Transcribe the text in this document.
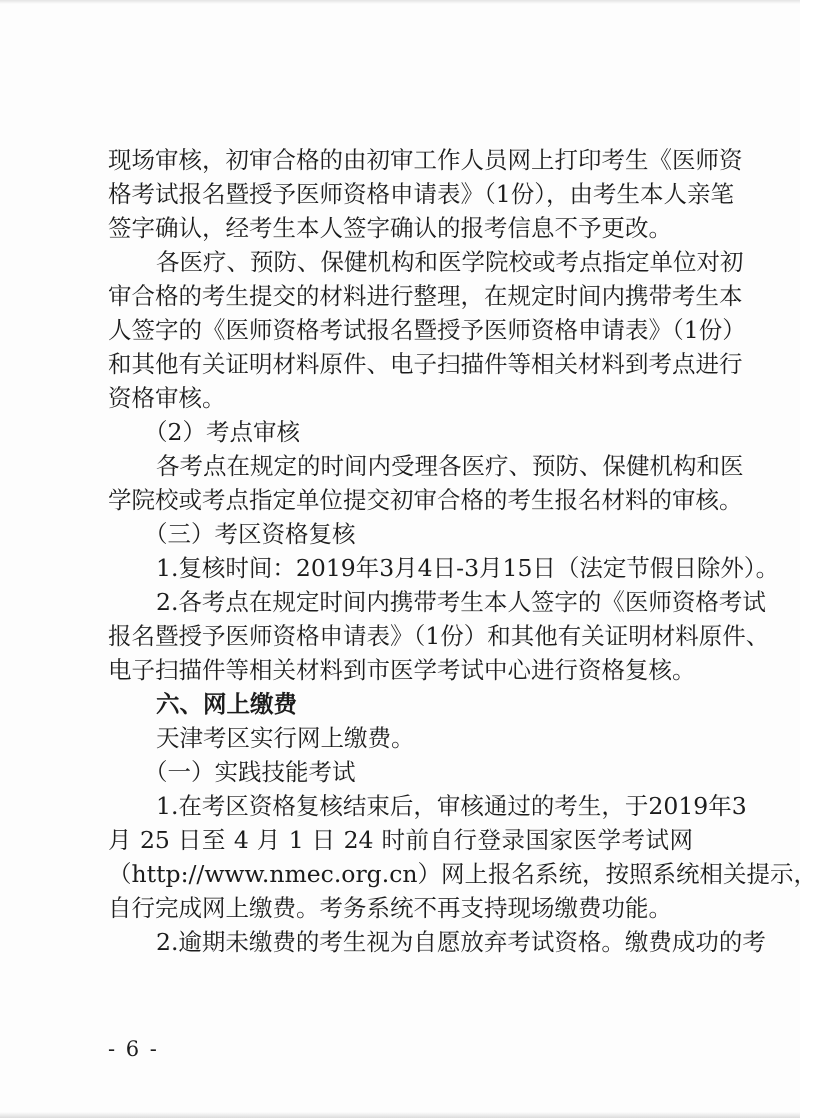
现场审核，初审合格的由初审工作人员网上打印考生《医师资
格考试报名暨授予医师资格申请表》（1份），由考生本人亲笔
签字确认，经考生本人签字确认的报考信息不予更改。
各医疗、预防、保健机构和医学院校或考点指定单位对初
审合格的考生提交的材料进行整理，在规定时间内携带考生本
人签字的《医师资格考试报名暨授予医师资格申请表》（1份）
和其他有关证明材料原件、电子扫描件等相关材料到考点进行
资格审核。
（2）考点审核
各考点在规定的时间内受理各医疗、预防、保健机构和医
学院校或考点指定单位提交初审合格的考生报名材料的审核。
（三）考区资格复核
1.复核时间：2019年3月4日-3月15日（法定节假日除外）。
2.各考点在规定时间内携带考生本人签字的《医师资格考试
报名暨授予医师资格申请表》（1份）和其他有关证明材料原件、
电子扫描件等相关材料到市医学考试中心进行资格复核。
六、网上缴费
天津考区实行网上缴费。
（一）实践技能考试
1.在考区资格复核结束后，审核通过的考生，于2019年3
月 25 日至 4 月 1 日 24 时前自行登录国家医学考试网
（http://www.nmec.org.cn）网上报名系统，按照系统相关提示，
自行完成网上缴费。考务系统不再支持现场缴费功能。
2.逾期未缴费的考生视为自愿放弃考试资格。缴费成功的考
- 6 -
